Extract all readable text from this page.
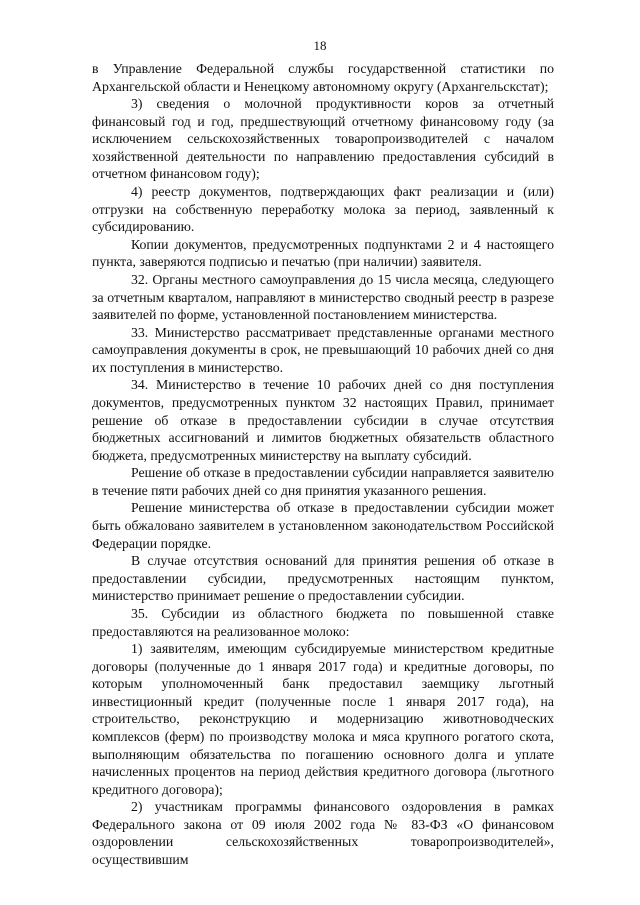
18

в Управление Федеральной службы государственной статистики по Архангельской области и Ненецкому автономному округу (Архангельскстат);

3) сведения о молочной продуктивности коров за отчетный финансовый год и год, предшествующий отчетному финансовому году (за исключением сельскохозяйственных товаропроизводителей с началом хозяйственной деятельности по направлению предоставления субсидий в отчетном финансовом году);

4) реестр документов, подтверждающих факт реализации и (или) отгрузки на собственную переработку молока за период, заявленный к субсидированию.

Копии документов, предусмотренных подпунктами 2 и 4 настоящего пункта, заверяются подписью и печатью (при наличии) заявителя.

32. Органы местного самоуправления до 15 числа месяца, следующего за отчетным кварталом, направляют в министерство сводный реестр в разрезе заявителей по форме, установленной постановлением министерства.

33. Министерство рассматривает представленные органами местного самоуправления документы в срок, не превышающий 10 рабочих дней со дня их поступления в министерство.

34. Министерство в течение 10 рабочих дней со дня поступления документов, предусмотренных пунктом 32 настоящих Правил, принимает решение об отказе в предоставлении субсидии в случае отсутствия бюджетных ассигнований и лимитов бюджетных обязательств областного бюджета, предусмотренных министерству на выплату субсидий.

Решение об отказе в предоставлении субсидии направляется заявителю в течение пяти рабочих дней со дня принятия указанного решения.

Решение министерства об отказе в предоставлении субсидии может быть обжаловано заявителем в установленном законодательством Российской Федерации порядке.

В случае отсутствия оснований для принятия решения об отказе в предоставлении субсидии, предусмотренных настоящим пунктом, министерство принимает решение о предоставлении субсидии.

35. Субсидии из областного бюджета по повышенной ставке предоставляются на реализованное молоко:

1) заявителям, имеющим субсидируемые министерством кредитные договоры (полученные до 1 января 2017 года) и кредитные договоры, по которым уполномоченный банк предоставил заемщику льготный инвестиционный кредит (полученные после 1 января 2017 года), на строительство, реконструкцию и модернизацию животноводческих комплексов (ферм) по производству молока и мяса крупного рогатого скота, выполняющим обязательства по погашению основного долга и уплате начисленных процентов на период действия кредитного договора (льготного кредитного договора);

2) участникам программы финансового оздоровления в рамках Федерального закона от 09 июля 2002 года № 83-ФЗ «О финансовом оздоровлении сельскохозяйственных товаропроизводителей», осуществившим
